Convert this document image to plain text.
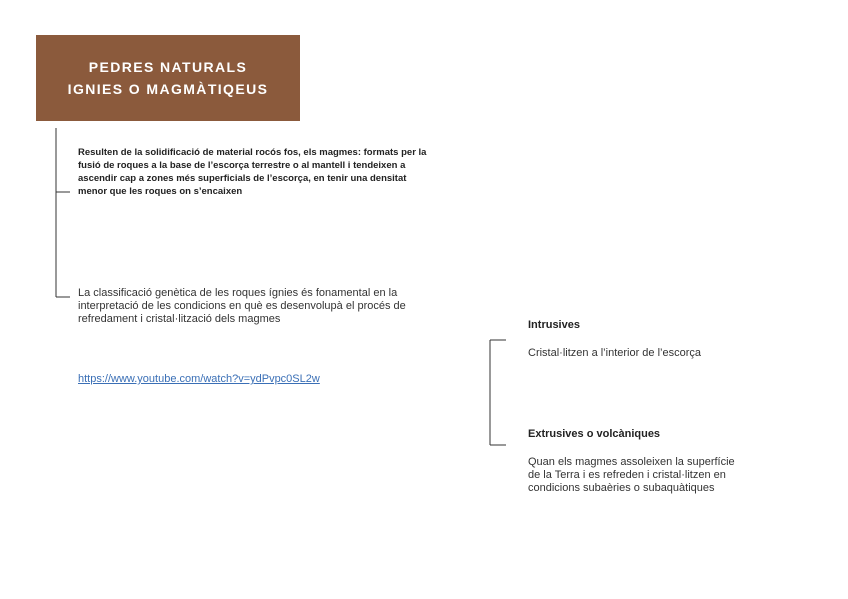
PEDRES NATURALS
IGNIES O MAGMÀTIQEUS
Resulten de la solidificació de material rocós fos, els magmes: formats per la fusió de roques a la base de l’escorça terrestre o al mantell i tendeixen a ascendir cap a zones més superficials de l’escorça, en tenir una densitat menor que les roques on s’encaixen
La classificació genètica de les roques ígnies és fonamental en la interpretació de les condicions en què es desenvolupà el procés de refredament i cristal·lització dels magmes
https://www.youtube.com/watch?v=ydPvpc0SL2w
Intrusives
Cristal·litzen a l’interior de l’escorça
Extrusives o volcàniques
Quan els magmes assoleixen la superfície de la Terra i es refreden i cristal·litzen en condicions subaèries o subaquàtiques
